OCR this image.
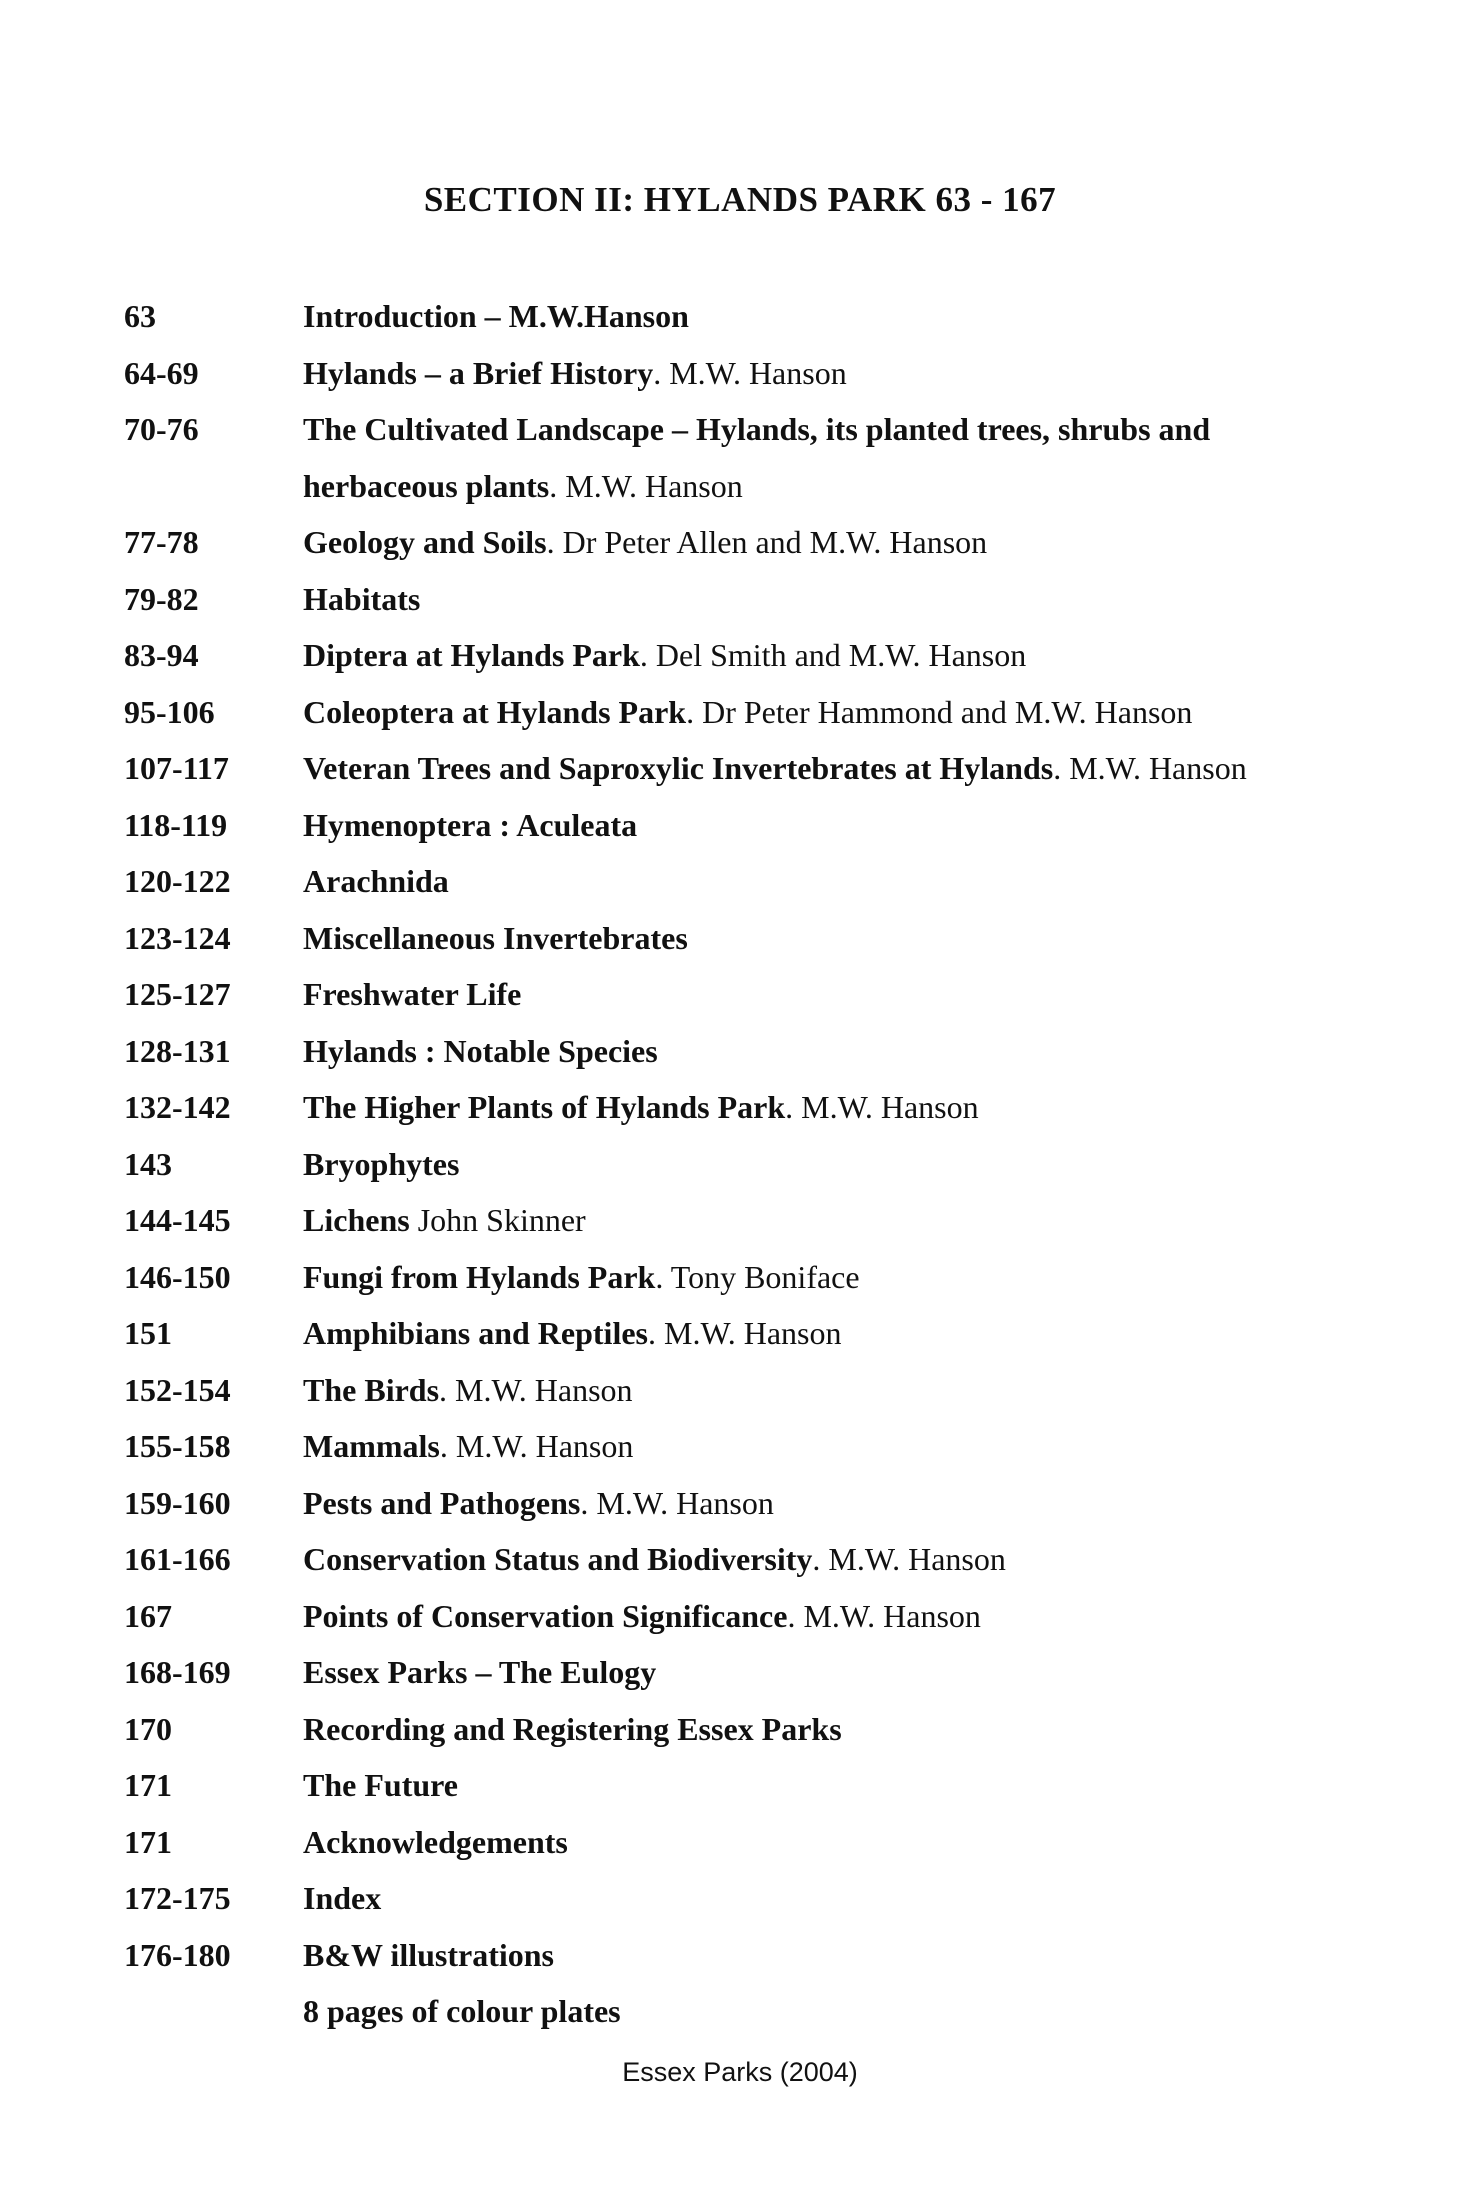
SECTION II: HYLANDS PARK 63 - 167
63	Introduction – M.W.Hanson
64-69	Hylands – a Brief History. M.W. Hanson
70-76	The Cultivated Landscape – Hylands, its planted trees, shrubs and
herbaceous plants. M.W. Hanson
77-78	Geology and Soils. Dr Peter Allen and M.W. Hanson
79-82	Habitats
83-94	Diptera at Hylands Park. Del Smith and M.W. Hanson
95-106	Coleoptera at Hylands Park. Dr Peter Hammond and M.W. Hanson
107-117 Veteran Trees and Saproxylic Invertebrates at Hylands. M.W. Hanson
118-119 Hymenoptera : Aculeata
120-122 Arachnida
123-124 Miscellaneous Invertebrates
125-127 Freshwater Life
128-131 Hylands : Notable Species
132-142 The Higher Plants of Hylands Park. M.W. Hanson
143	Bryophytes
144-145 Lichens John Skinner
146-150 Fungi from Hylands Park. Tony Boniface
151	Amphibians and Reptiles. M.W. Hanson
152-154 The Birds. M.W. Hanson
155-158 Mammals. M.W. Hanson
159-160 Pests and Pathogens. M.W. Hanson
161-166 Conservation Status and Biodiversity. M.W. Hanson
167	Points of Conservation Significance. M.W. Hanson
168-169 Essex Parks – The Eulogy
170	Recording and Registering Essex Parks
171	The Future
171	Acknowledgements
172-175 Index
176-180 B&W illustrations
8 pages of colour plates
Essex Parks (2004)
